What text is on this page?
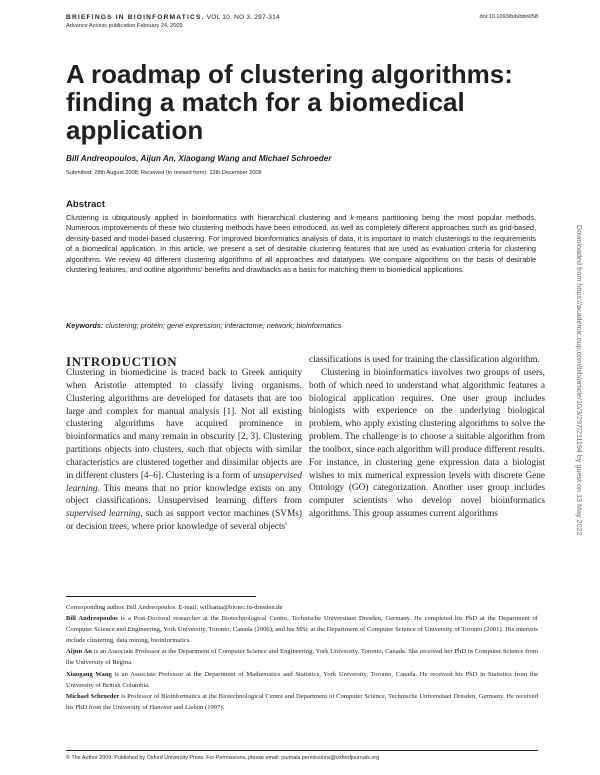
BRIEFINGS IN BIOINFORMATICS. VOL 10. NO 3. 297-314
Advance Access publication February 24, 2009
doi:10.1093/bib/bbn058
A roadmap of clustering algorithms: finding a match for a biomedical application
Bill Andreopoulos, Aijun An, Xiaogang Wang and Michael Schroeder
Submitted: 28th August 2008; Received (in revised form): 12th December 2008
Abstract
Clustering is ubiquitously applied in bioinformatics with hierarchical clustering and k-means partitioning being the most popular methods. Numerous improvements of these two clustering methods have been introduced, as well as completely different approaches such as grid-based, density-based and model-based clustering. For improved bioinformatics analysis of data, it is important to match clusterings to the requirements of a biomedical application. In this article, we present a set of desirable clustering features that are used as evaluation criteria for clustering algorithms. We review 40 different clustering algorithms of all approaches and datatypes. We compare algorithms on the basis of desirable clustering features, and outline algorithms' benefits and drawbacks as a basis for matching them to biomedical applications.
Keywords: clustering; protein; gene expression; interactome; network; bioinformatics
INTRODUCTION

Clustering in biomedicine is traced back to Greek antiquity when Aristotle attempted to classify living organisms. Clustering algorithms are developed for datasets that are too large and complex for manual analysis [1]. Not all existing clustering algorithms have acquired prominence in bioinformatics and many remain in obscurity [2, 3]. Clustering partitions objects into clusters, such that objects with similar characteristics are clustered together and dissimilar objects are in different clusters [4–6]. Clustering is a form of unsupervised learning. This means that no prior knowledge exists on any object classifications. Unsupervised learning differs from supervised learning, such as support vector machines (SVMs) or decision trees, where prior knowledge of several objects'

classifications is used for training the classification algorithm.

Clustering in bioinformatics involves two groups of users, both of which need to understand what algorithmic features a biological application requires. One user group includes biologists with experience on the underlying biological problem, who apply existing clustering algorithms to solve the problem. The challenge is to choose a suitable algorithm from the toolbox, since each algorithm will produce different results. For instance, in clustering gene expression data a biologist wishes to mix numerical expression levels with discrete Gene Ontology (GO) categorization. Another user group includes computer scientists who develop novel bioinformatics algorithms. This group assumes current algorithms

Corresponding author. Bill Andreopoulos. E-mail: williama@biotec.tu-dresden.de

Bill Andreopoulos is a Post-Doctoral researcher at the Biotechnological Centre, Technische Universitaet Dresden, Germany. He completed his PhD at the Department of Computer Science and Engineering, York University, Toronto, Canada (2006), and his MSc at the Department of Computer Science of University of Toronto (2001). His interests include clustering, data mining, bioinformatics.

Aijun An is an Associate Professor at the Department of Computer Science and Engineering, York University, Toronto, Canada. She received her PhD in Computer Science from the University of Regina.

Xiaogang Wang is an Associate Professor at the Department of Mathematics and Statistics, York University, Toronto, Canada. He received his PhD in Statistics from the University of British Columbia.

Michael Schroeder is Professor of Bioinformatics at the Biotechnological Centre and Department of Computer Science, Technische Universitaet Dresden, Germany. He received his PhD from the University of Hanover and Lisbon (1997).

© The Author 2009. Published by Oxford University Press. For Permissions, please email: journals.permissions@oxfordjournals.org
Downloaded from https://academic.oup.com/bib/article/10/3/297/211194 by guest on 13 May 2022
